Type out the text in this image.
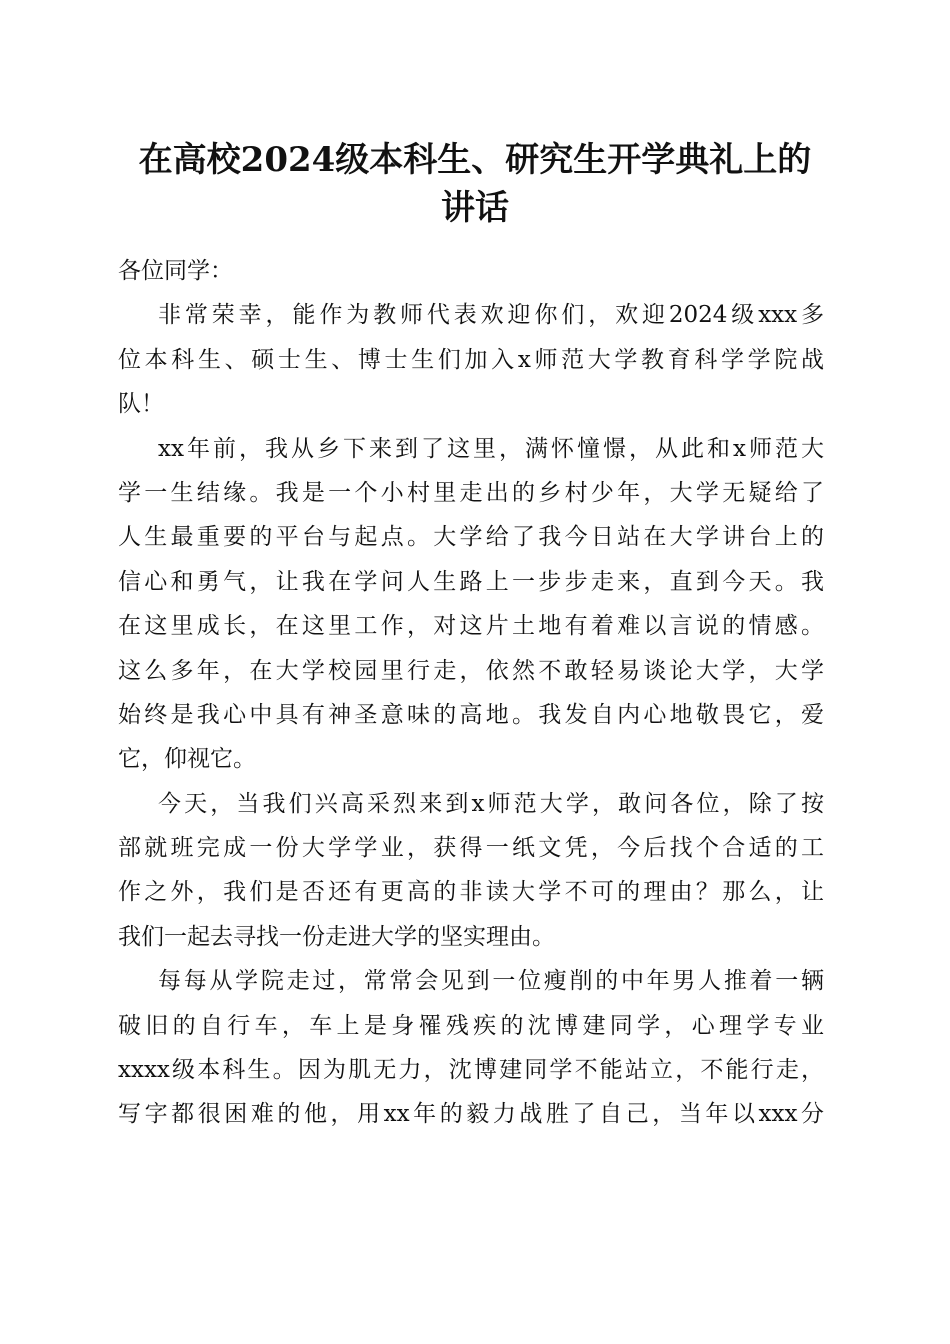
在高校2024级本科生、研究生开学典礼上的
讲话
各位同学：
非常荣幸，能作为教师代表欢迎你们，欢迎2024级xxx多
位本科生、硕士生、博士生们加入x师范大学教育科学学院战
队！
xx年前，我从乡下来到了这里，满怀憧憬，从此和x师范大
学一生结缘。我是一个小村里走出的乡村少年，大学无疑给了
人生最重要的平台与起点。大学给了我今日站在大学讲台上的
信心和勇气，让我在学问人生路上一步步走来，直到今天。我
在这里成长，在这里工作，对这片土地有着难以言说的情感。
这么多年，在大学校园里行走，依然不敢轻易谈论大学，大学
始终是我心中具有神圣意味的高地。我发自内心地敬畏它，爱
它，仰视它。
今天，当我们兴高采烈来到x师范大学，敢问各位，除了按
部就班完成一份大学学业，获得一纸文凭，今后找个合适的工
作之外，我们是否还有更高的非读大学不可的理由？那么，让
我们一起去寻找一份走进大学的坚实理由。
每每从学院走过，常常会见到一位瘦削的中年男人推着一辆
破旧的自行车，车上是身罹残疾的沈博建同学，心理学专业
xxxx级本科生。因为肌无力，沈博建同学不能站立，不能行走，
写字都很困难的他，用xx年的毅力战胜了自己，当年以xxx分
